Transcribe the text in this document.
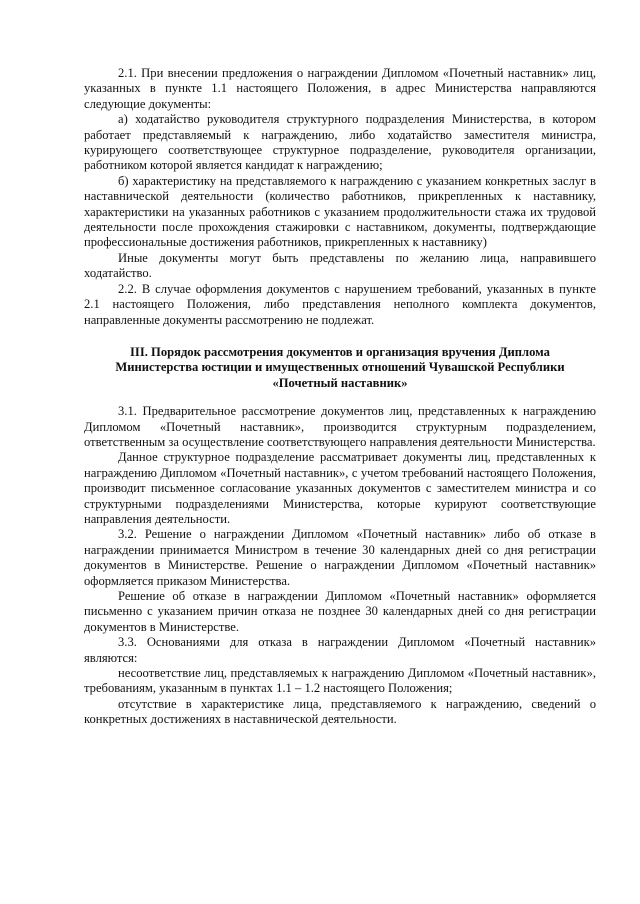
2.1. При внесении предложения о награждении Дипломом «Почетный наставник» лиц, указанных в пункте 1.1 настоящего Положения, в адрес Министерства направляются следующие документы:

а) ходатайство руководителя структурного подразделения Министерства, в котором работает представляемый к награждению, либо ходатайство заместителя министра, курирующего соответствующее структурное подразделение, руководителя организации, работником которой является кандидат к награждению;

б) характеристику на представляемого к награждению с указанием конкретных заслуг в наставнической деятельности (количество работников, прикрепленных к наставнику, характеристики на указанных работников с указанием продолжительности стажа их трудовой деятельности после прохождения стажировки с наставником, документы, подтверждающие профессиональные достижения работников, прикрепленных к наставнику)

Иные документы могут быть представлены по желанию лица, направившего ходатайство.

2.2. В случае оформления документов с нарушением требований, указанных в пункте 2.1 настоящего Положения, либо представления неполного комплекта документов, направленные документы рассмотрению не подлежат.

III. Порядок рассмотрения документов и организация вручения Диплома
Министерства юстиции и имущественных отношений Чувашской Республики
«Почетный наставник»

3.1. Предварительное рассмотрение документов лиц, представленных к награждению Дипломом «Почетный наставник», производится структурным подразделением, ответственным за осуществление соответствующего направления деятельности Министерства.

Данное структурное подразделение рассматривает документы лиц, представленных к награждению Дипломом «Почетный наставник», с учетом требований настоящего Положения, производит письменное согласование указанных документов с заместителем министра и со структурными подразделениями Министерства, которые курируют соответствующие направления деятельности.

3.2. Решение о награждении Дипломом «Почетный наставник» либо об отказе в награждении принимается Министром в течение 30 календарных дней со дня регистрации документов в Министерстве. Решение о награждении Дипломом «Почетный наставник» оформляется приказом Министерства.

Решение об отказе в награждении Дипломом «Почетный наставник» оформляется письменно с указанием причин отказа не позднее 30 календарных дней со дня регистрации документов в Министерстве.

3.3. Основаниями для отказа в награждении Дипломом «Почетный наставник» являются:

несоответствие лиц, представляемых к награждению Дипломом «Почетный наставник», требованиям, указанным в пунктах 1.1 – 1.2 настоящего Положения;

отсутствие в характеристике лица, представляемого к награждению, сведений о конкретных достижениях в наставнической деятельности.
